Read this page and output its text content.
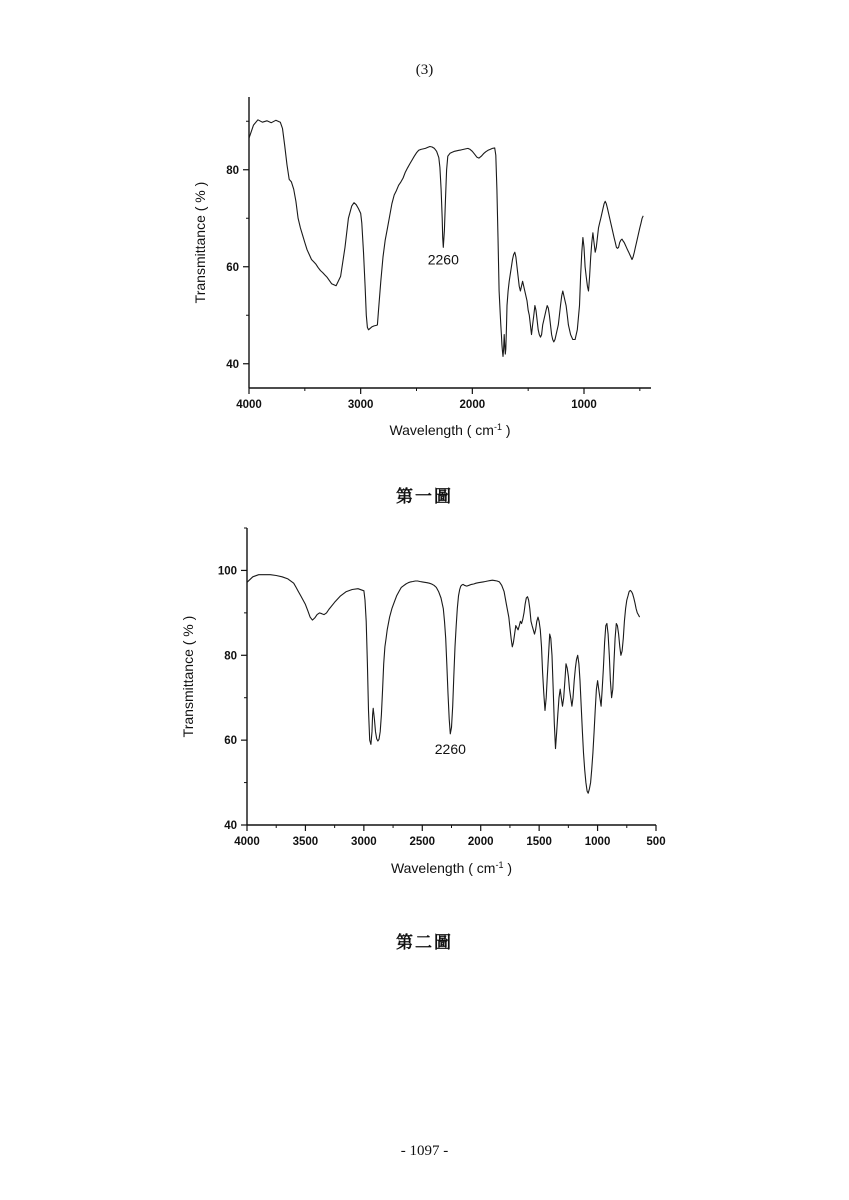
(3)
40
60
80
4000	3000	2000	1000
Wavelength ( $cm^{-1}$ )
Transmittance ( % )	2260
第一圖
40
60
80
100
4000	3500	3000	2500	2000	1500	1000	500
Wavelength ( $cm^{-1}$ )
Transmittance ( % )
2260
第二圖
- 1097 -
